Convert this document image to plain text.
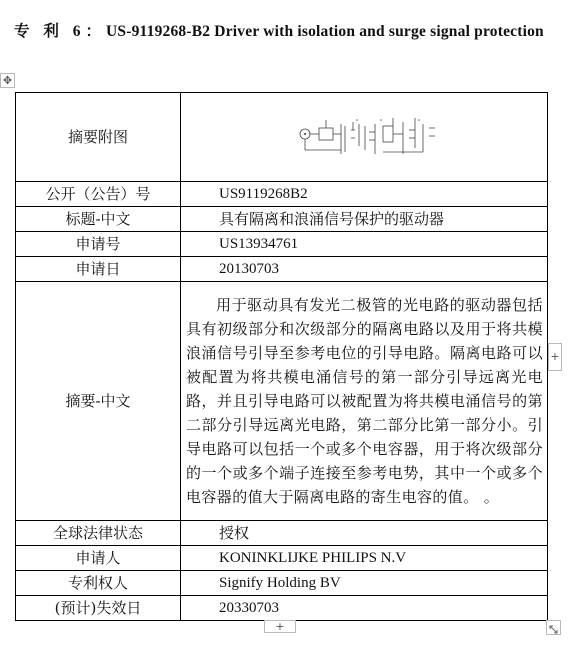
专 利 6：US-9119268-B2 Driver with isolation and surge signal protection
✥
摘要附图	

公开（公告）号	US9119268B2
标题-中文	具有隔离和浪涌信号保护的驱动器
申请号	US13934761
申请日	20130703
摘要-中文	用于驱动具有发光二极管的光电路的驱动器包括具有初级部分和次级部分的隔离电路以及用于将共模浪涌信号引导至参考电位的引导电路。隔离电路可以被配置为将共模电涌信号的第一部分引导远离光电路，并且引导电路可以被配置为将共模电涌信号的第二部分引导远离光电路，第二部分比第一部分小。引导电路可以包括一个或多个电容器，用于将次级部分的一个或多个端子连接至参考电势，其中一个或多个电容器的值大于隔离电路的寄生电容的值。 。
全球法律状态	授权
申请人	KONINKLIJKE PHILIPS N.V
专利权人	Signify Holding BV
(预计)失效日	20330703
+
+
